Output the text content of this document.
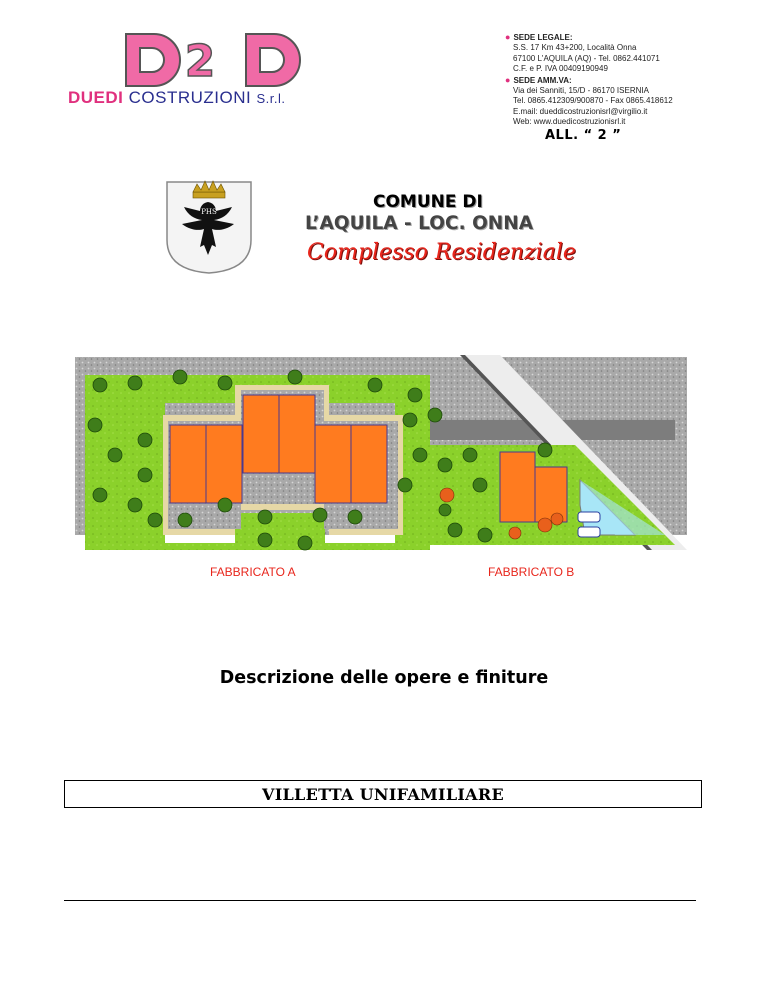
2
DUEDI COSTRUZIONI S.r.l.
● SEDE LEGALE:
S.S. 17 Km 43+200, Località Onna
67100 L'AQUILA (AQ) - Tel. 0862.441071
C.F. e P. IVA 00409190949
● SEDE AMM.VA:
Via dei Sanniti, 15/D - 86170 ISERNIA
Tel. 0865.412309/900870 - Fax 0865.418612
E.mail: dueddicostruzionisrl@virgilio.it
Web: www.duedicostruzionisrl.it
ALL. “ 2 ”
PHS	COMUNE DI
L’AQUILA - LOC. ONNA
Complesso Residenziale
FABBRICATO A	FABBRICATO B
Descrizione delle opere e finiture
VILLETTA UNIFAMILIARE
